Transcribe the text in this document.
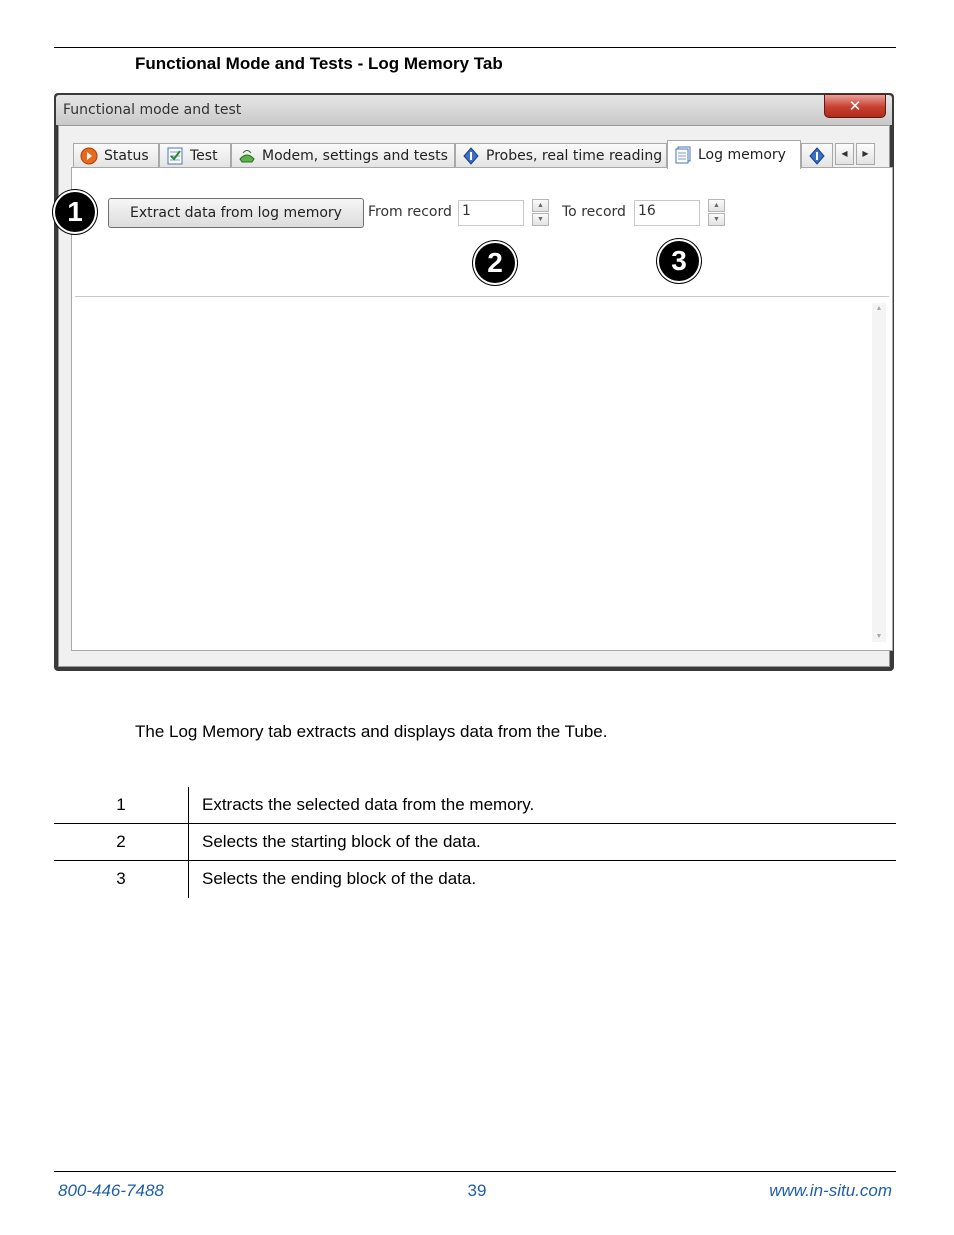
Functional Mode and Tests - Log Memory Tab
Functional mode and test	✕
Status	Test	Modem, settings and tests	Probes, real time reading	Log memory	◀	▶
Extract data from log memory	From record 1	▲
▼	To record 16	▲
▼
▲
▼
1
2	3
The Log Memory tab extracts and displays data from the Tube.
1	Extracts the selected data from the memory.
2	Selects the starting block of the data.
3	Selects the ending block of the data.
800-446-7488	39	www.in-situ.com
